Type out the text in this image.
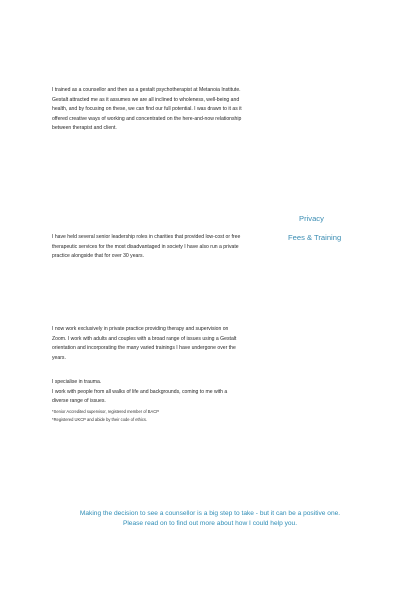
I trained as a counsellor and then as a gestalt psychotherapist at Metanoia Institute. Gestalt attracted me as it assumes we are all inclined to wholeness, well-being and health, and by focusing on these, we can find our full potential. I was drawn to it as it offered creative ways of working and concentrated on the here-and-now relationship between therapist and client.

I have held several senior leadership roles in charities that provided low-cost or free therapeutic services for the most disadvantaged in society I have also run a private practice alongside that for over 30 years.

I now work exclusively in private practice providing therapy and supervision on Zoom. I work with adults and couples with a broad range of issues using a Gestalt orientation and incorporating the many varied trainings I have undergone over the years.

I specialise in trauma.

I work with people from all walks of life and backgrounds, coming to me with a diverse range of issues.

*Senior Accredited supervisor, registered member of BACP
*Registered UKCP and abide by their code of ethics.
Privacy
Fees & Training

Making the decision to see a counsellor is a big step to take - but it can be a positive one.

Please read on to find out more about how I could help you.
